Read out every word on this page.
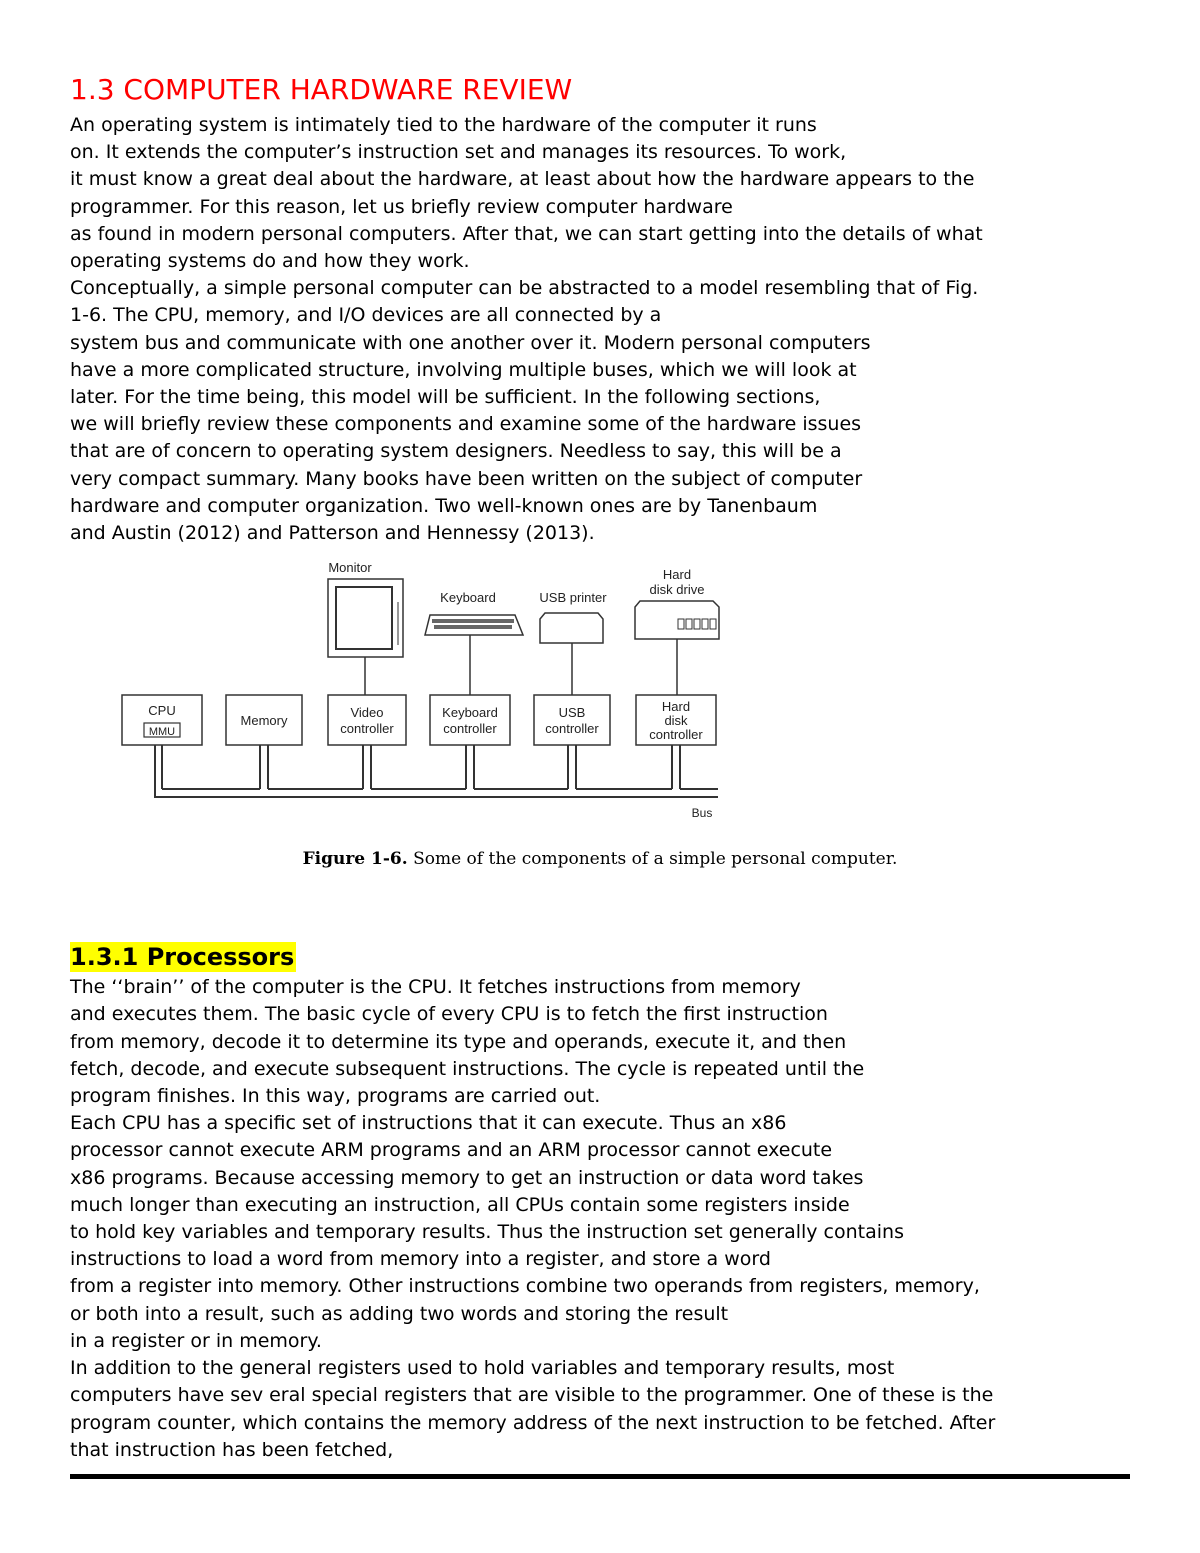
1.3 COMPUTER HARDWARE REVIEW

An operating system is intimately tied to the hardware of the computer it runs

on. It extends the computer’s instruction set and manages its resources. To work,

it must know a great deal about the hardware, at least about how the hardware appears to the

programmer. For this reason, let us briefly review computer hardware

as found in modern personal computers. After that, we can start getting into the details of what

operating systems do and how they work.

Conceptually, a simple personal computer can be abstracted to a model resembling that of Fig.

1-6. The CPU, memory, and I/O devices are all connected by a

system bus and communicate with one another over it. Modern personal computers

have a more complicated structure, involving multiple buses, which we will look at

later. For the time being, this model will be sufficient. In the following sections,

we will briefly review these components and examine some of the hardware issues

that are of concern to operating system designers. Needless to say, this will be a

very compact summary. Many books have been written on the subject of computer

hardware and computer organization. Two well-known ones are by Tanenbaum

and Austin (2012) and Patterson and Hennessy (2013).

Monitor
Keyboard	USB printer
Hard
disk drive
CPU
MMU
Memory
Video
controller
Keyboard
controller
USB
controller
Hard
disk
controller
Bus
Figure 1-6. Some of the components of a simple personal computer.
1.3.1 Processors

The ‘‘brain’’ of the computer is the CPU. It fetches instructions from memory

and executes them. The basic cycle of every CPU is to fetch the first instruction

from memory, decode it to determine its type and operands, execute it, and then

fetch, decode, and execute subsequent instructions. The cycle is repeated until the

program finishes. In this way, programs are carried out.

Each CPU has a specific set of instructions that it can execute. Thus an x86

processor cannot execute ARM programs and an ARM processor cannot execute

x86 programs. Because accessing memory to get an instruction or data word takes

much longer than executing an instruction, all CPUs contain some registers inside

to hold key variables and temporary results. Thus the instruction set generally contains

instructions to load a word from memory into a register, and store a word

from a register into memory. Other instructions combine two operands from registers, memory,

or both into a result, such as adding two words and storing the result

in a register or in memory.

In addition to the general registers used to hold variables and temporary results, most

computers have sev eral special registers that are visible to the programmer. One of these is the

program counter, which contains the memory address of the next instruction to be fetched. After

that instruction has been fetched,
